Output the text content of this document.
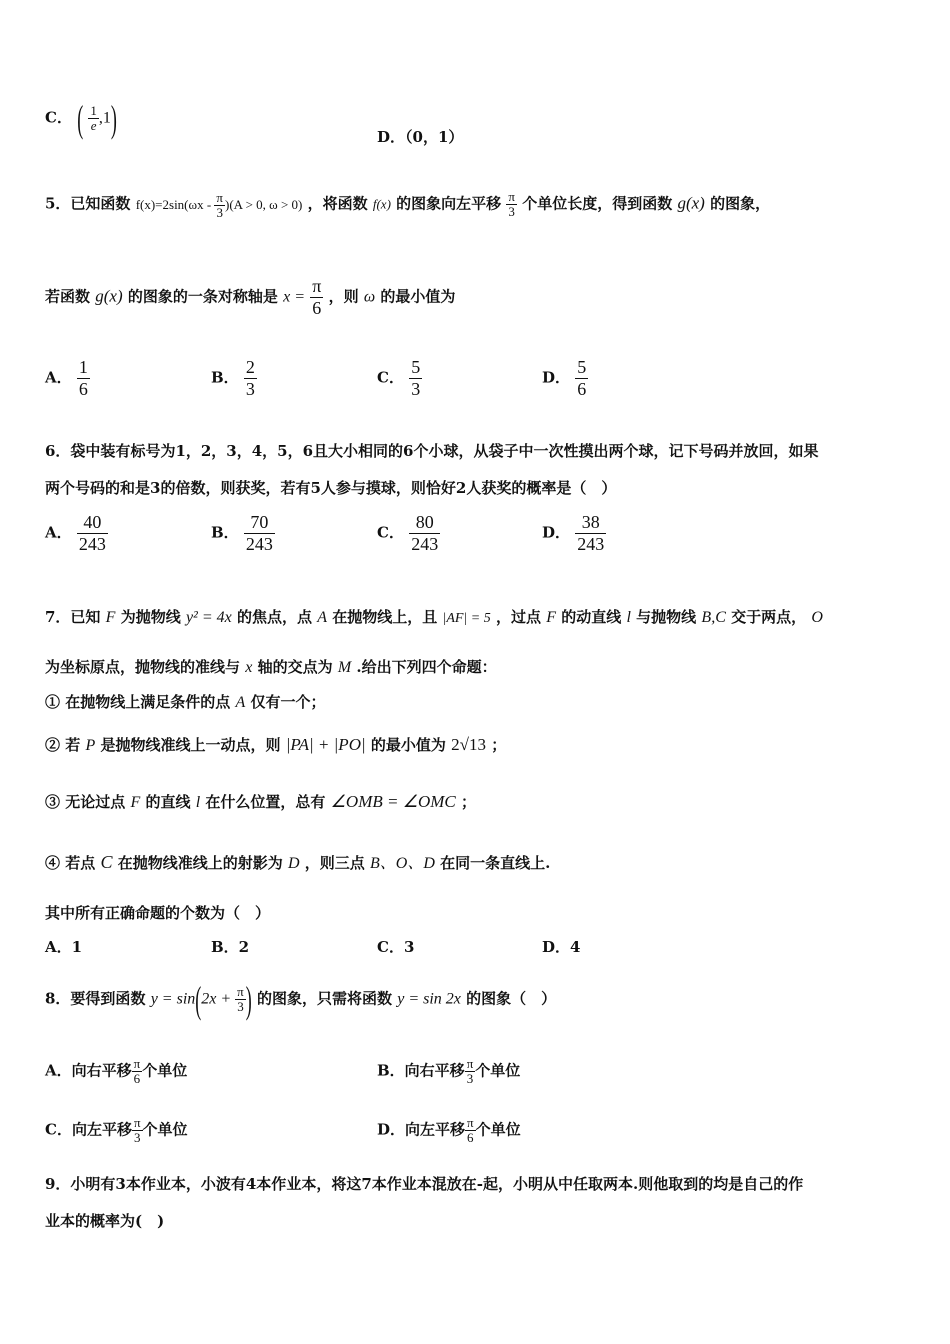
C． ( $\frac{1}{e} ,1$)	D．（0，1）
5．已知函数 $f(x)=2\sin(\omega x - \frac{\pi}{3} )(A > 0$, ω > 0) ，将函数 f(x) 的图象向左平移 $\frac{\pi}{3}$ 个单位长度，得到函数 g(x) 的图象，
若函数 g(x) 的图象的一条对称轴是 $x = \frac{\pi}{6}$ ，则 ω 的最小值为
A． $\frac{1}{6}$	B． $\frac{2}{3}$	C． $\frac{5}{3}$	D． $\frac{5}{6}$
6．袋中装有标号为1，2，3，4，5，6且大小相同的6个小球，从袋子中一次性摸出两个球，记下号码并放回，如果
两个号码的和是3的倍数，则获奖，若有5人参与摸球，则恰好2人获奖的概率是（　）
A． $\frac{40}{243}$	B． $\frac{70}{243}$	C． $\frac{80}{243}$	D． $\frac{38}{243}$
7．已知 F 为抛物线 y² = 4x 的焦点，点 A 在抛物线上，且 |AF| = 5 ，过点 F 的动直线 l 与抛物线 B,C 交于两点， O
为坐标原点，抛物线的准线与 x 轴的交点为 M .给出下列四个命题：
① 在抛物线上满足条件的点 A 仅有一个；
② 若 P 是抛物线准线上一动点，则 |PA| + |PO| 的最小值为 2√13 ；
③ 无论过点 F 的直线 l 在什么位置，总有 ∠OMB = ∠OMC ；
④ 若点 C 在抛物线准线上的射影为 D ，则三点 B、O、D 在同一条直线上.
其中所有正确命题的个数为（　）
A．1	B．2	C．3	D．4
8．要得到函数 $y = \sin(2x + \frac{\pi}{3}$ ) 的图象，只需将函数 y = sin 2x 的图象（　）
A．向右平移 $\frac{\pi}{6}$ 个单位	B．向右平移 $\frac{\pi}{3}$ 个单位
C．向左平移 $\frac{\pi}{3}$ 个单位	D．向左平移 $\frac{\pi}{6}$ 个单位
9．小明有3本作业本，小波有4本作业本，将这7本作业本混放在-起，小明从中任取两本.则他取到的均是自己的作
业本的概率为(　)
